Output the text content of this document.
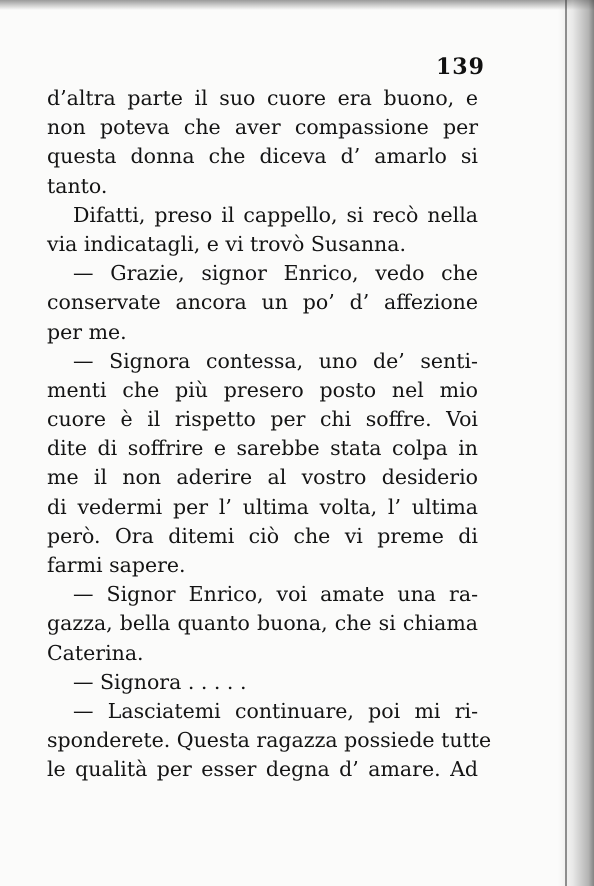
139
d’altra parte il suo cuore era buono, e
non poteva che aver compassione per
questa donna che diceva d’ amarlo si
tanto.
Difatti, preso il cappello, si recò nella
via indicatagli, e vi trovò Susanna.
— Grazie, signor Enrico, vedo che
conservate ancora un po’ d’ affezione
per me.
— Signora contessa, uno de’ senti-
menti che più presero posto nel mio
cuore è il rispetto per chi soffre. Voi
dite di soffrire e sarebbe stata colpa in
me il non aderire al vostro desiderio
di vedermi per l’ ultima volta, l’ ultima
però. Ora ditemi ciò che vi preme di
farmi sapere.
— Signor Enrico, voi amate una ra-
gazza, bella quanto buona, che si chiama
Caterina.
— Signora . . . . .
— Lasciatemi continuare, poi mi ri-
sponderete. Questa ragazza possiede tutte
le qualità per esser degna d’ amare. Ad
